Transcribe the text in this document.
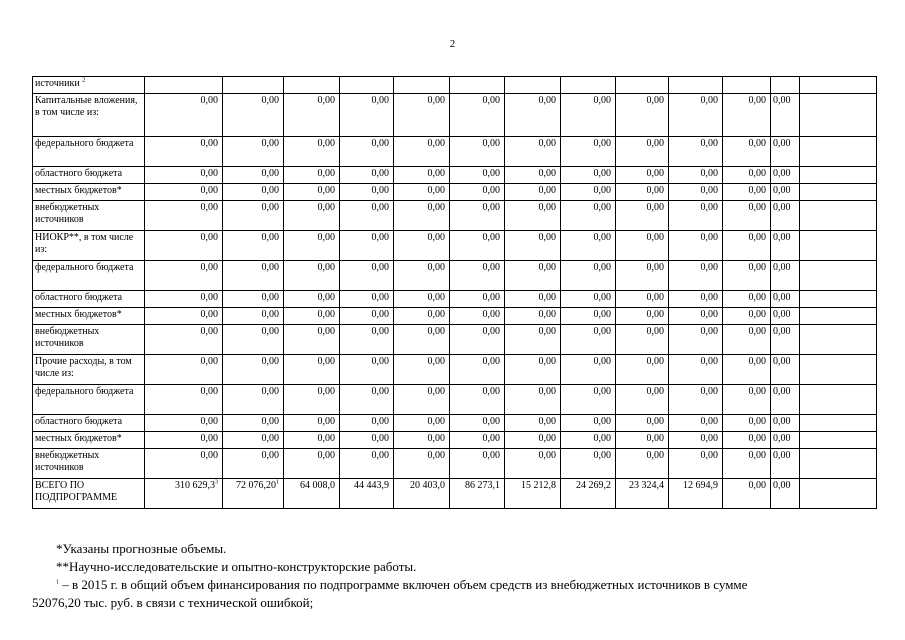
2
источники $^2$													
Капитальные вложения, в том числе из:	0,00	0,00	0,00	0,00	0,00	0,00	0,00	0,00	0,00	0,00	0,00	0,00	
федерального бюджета	0,00	0,00	0,00	0,00	0,00	0,00	0,00	0,00	0,00	0,00	0,00	0,00	
областного бюджета	0,00	0,00	0,00	0,00	0,00	0,00	0,00	0,00	0,00	0,00	0,00	0,00	
местных бюджетов*	0,00	0,00	0,00	0,00	0,00	0,00	0,00	0,00	0,00	0,00	0,00	0,00	
внебюджетных источников	0,00	0,00	0,00	0,00	0,00	0,00	0,00	0,00	0,00	0,00	0,00	0,00	
НИОКР**, в том числе из:	0,00	0,00	0,00	0,00	0,00	0,00	0,00	0,00	0,00	0,00	0,00	0,00	
федерального бюджета	0,00	0,00	0,00	0,00	0,00	0,00	0,00	0,00	0,00	0,00	0,00	0,00	
областного бюджета	0,00	0,00	0,00	0,00	0,00	0,00	0,00	0,00	0,00	0,00	0,00	0,00	
местных бюджетов*	0,00	0,00	0,00	0,00	0,00	0,00	0,00	0,00	0,00	0,00	0,00	0,00	
внебюджетных источников	0,00	0,00	0,00	0,00	0,00	0,00	0,00	0,00	0,00	0,00	0,00	0,00	
Прочие расходы, в том числе из:	0,00	0,00	0,00	0,00	0,00	0,00	0,00	0,00	0,00	0,00	0,00	0,00	
федерального бюджета	0,00	0,00	0,00	0,00	0,00	0,00	0,00	0,00	0,00	0,00	0,00	0,00	
областного бюджета	0,00	0,00	0,00	0,00	0,00	0,00	0,00	0,00	0,00	0,00	0,00	0,00	
местных бюджетов*	0,00	0,00	0,00	0,00	0,00	0,00	0,00	0,00	0,00	0,00	0,00	0,00	
внебюджетных источников	0,00	0,00	0,00	0,00	0,00	0,00	0,00	0,00	0,00	0,00	0,00	0,00	
ВСЕГО ПО ПОДПРОГРАММЕ	310 629,3$^3$	72 076,20$^1$	64 008,0	44 443,9	20 403,0	86 273,1	15 212,8	24 269,2	23 324,4	12 694,9	0,00	0,00	

*Указаны прогнозные объемы.

**Научно-исследовательские и опытно-конструкторские работы.

$^1$ – в 2015 г. в общий объем финансирования по подпрограмме включен объем средств из внебюджетных источников в сумме

52076,20 тыс. руб. в связи с технической ошибкой;
